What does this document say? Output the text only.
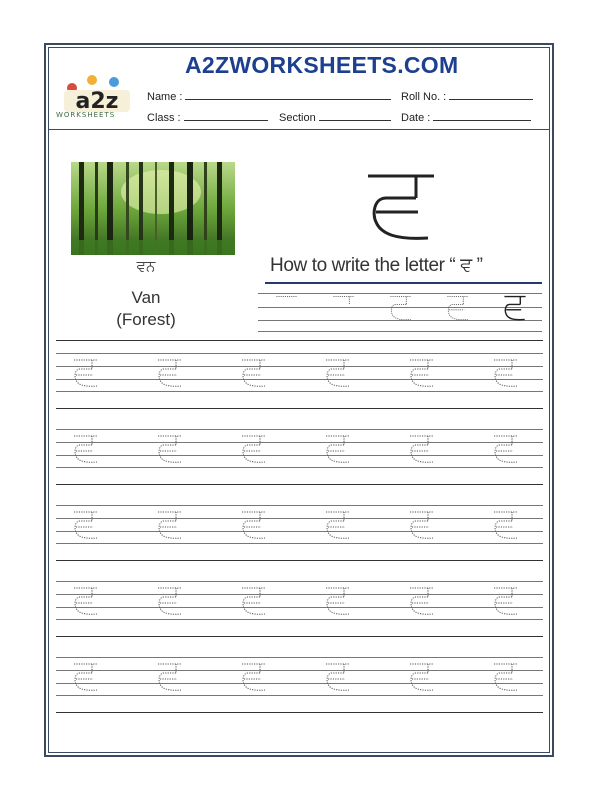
A2ZWORKSHEETS.COM
a2z
WORKSHEETS
Name :	Roll No. :
Class :	Section	Date :
ਵਨ
Van
(Forest)
How to write the letter “ ਵ ”
